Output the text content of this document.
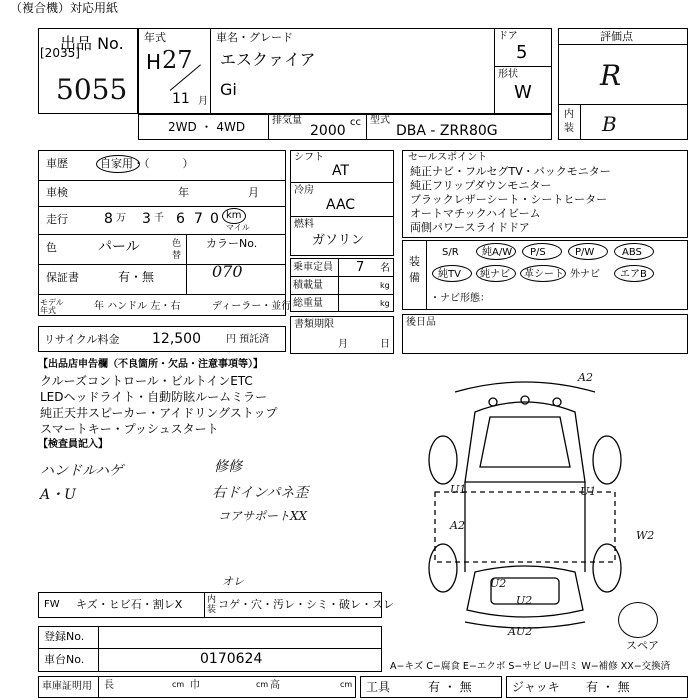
（複合機）対応用紙
出品 No.
[2035]
5055
年式
H 27
11 月
車名・グレード
エスクァイア
Gi
ドア
5
形状
W
2WD ・ 4WD	排気量
2000
cc 型式
DBA - ZRR80G
評価点
R
内装 B
車歴	自家用・（　　　）
車検	年	月
走行	8 万 3 千 6 7 0 km
マイル
色	パール	色替
カラーNo.
070
保証書	有・無
モデル年式	年 ハンドル 左・右	ディーラー・並行
リサイクル料金 12,500	円 預託済
シフト
AT
冷房
AAC
燃料
ガソリン
乗車定員 7 名
積載量	kg
総重量	kg
書類期限
月	日
セールスポイント
純正ナビ・フルセグTV・バックモニター
純正フリップダウンモニター
ブラックレザーシート・シートヒーター
オートマチックハイビーム
両側パワースライドドア
装備
S/R 純A/W P/S	P/W	ABS
純TV 純ナビ 革シート 外ナビ エアB
・ナビ形態：
後日品
【出品店申告欄（不良箇所・欠品・注意事項等）】
クルーズコントロール・ビルトインETC
LEDヘッドライト・自動防眩ルームミラー
純正天井スピーカー・アイドリングストップ
スマートキー・プッシュスタート
【検査員記入】
ハンドルハゲ	修修
A・U	右ドインパネ歪
コアサポートXX
A2
U1	U1
A2
U2
U2
AU2
W2
スペア
FW キズ・ヒビ石・割レX	内装 コゲ・穴・汚レ・シミ・破レ・スレ
オレ
登録No.
車台No.	0170624	A−キズ C−腐食 E−エクボ S−サビ U−凹ミ W−補修 XX−交換済
車庫証明用 長	cm 巾	cm 高	cm 工具	有 ・ 無	ジャッキ 有 ・ 無
